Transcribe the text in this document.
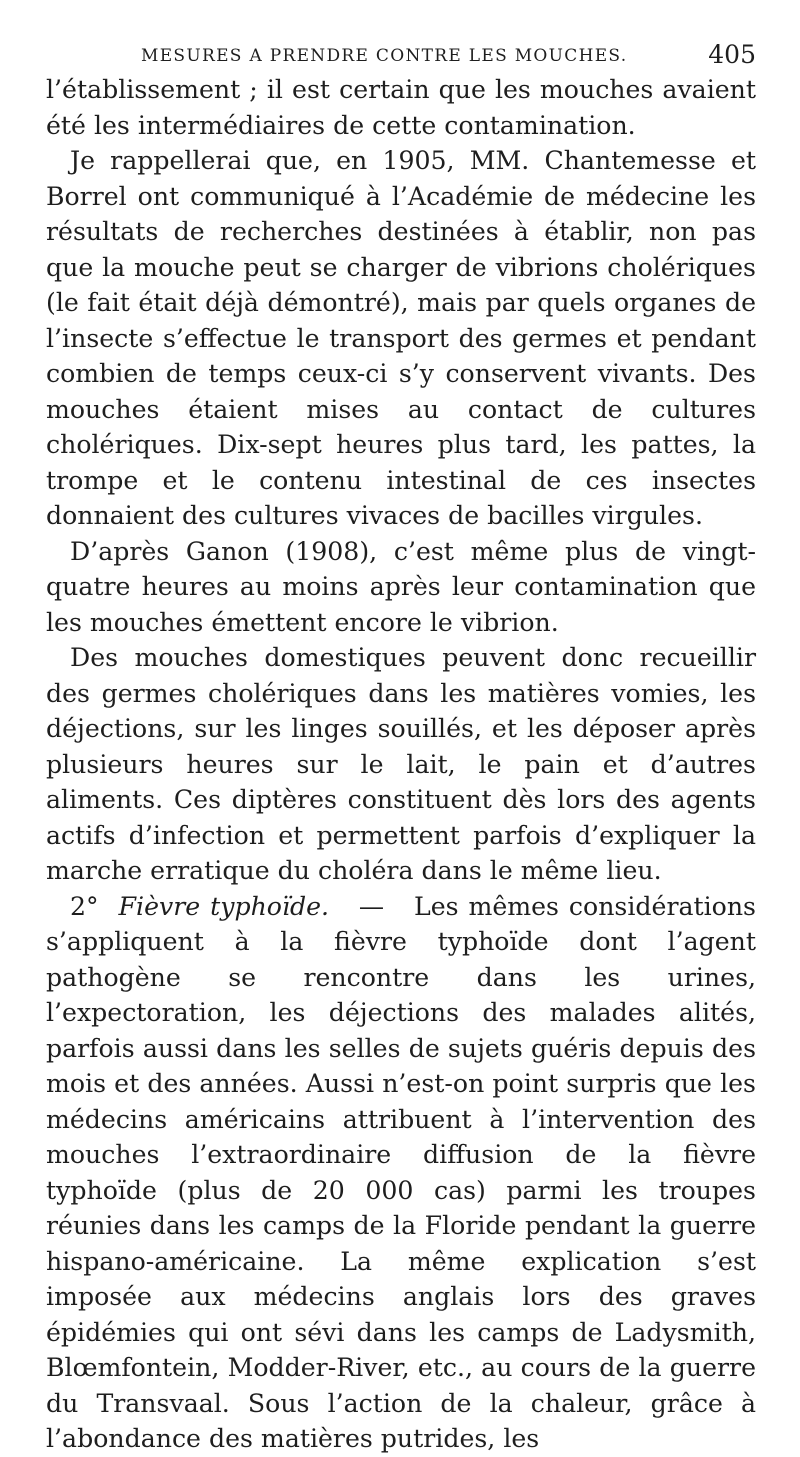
MESURES A PRENDRE CONTRE LES MOUCHES.	405

l’établissement ; il est certain que les mouches avaient été les intermédiaires de cette contamination.

Je rappellerai que, en 1905, MM. Chantemesse et Borrel ont communiqué à l’Académie de médecine les résultats de recherches destinées à établir, non pas que la mouche peut se charger de vibrions cholériques (le fait était déjà démontré), mais par quels organes de l’insecte s’effectue le transport des germes et pendant combien de temps ceux-ci s’y conservent vivants. Des mouches étaient mises au contact de cultures cholériques. Dix-sept heures plus tard, les pattes, la trompe et le contenu intestinal de ces insectes donnaient des cultures vivaces de bacilles virgules.

D’après Ganon (1908), c’est même plus de vingt-quatre heures au moins après leur contamination que les mouches émettent encore le vibrion.

Des mouches domestiques peuvent donc recueillir des germes cholériques dans les matières vomies, les déjections, sur les linges souillés, et les déposer après plusieurs heures sur le lait, le pain et d’autres aliments. Ces diptères constituent dès lors des agents actifs d’infection et permettent parfois d’expliquer la marche erratique du choléra dans le même lieu.

2° Fièvre typhoïde. — Les mêmes considérations s’appliquent à la fièvre typhoïde dont l’agent pathogène se rencontre dans les urines, l’expectoration, les déjections des malades alités, parfois aussi dans les selles de sujets guéris depuis des mois et des années. Aussi n’est-on point surpris que les médecins américains attribuent à l’intervention des mouches l’extraordinaire diffusion de la fièvre typhoïde (plus de 20 000 cas) parmi les troupes réunies dans les camps de la Floride pendant la guerre hispano-américaine. La même explication s’est imposée aux médecins anglais lors des graves épidémies qui ont sévi dans les camps de Ladysmith, Blœmfontein, Modder-River, etc., au cours de la guerre du Transvaal. Sous l’action de la chaleur, grâce à l’abondance des matières putrides, les
